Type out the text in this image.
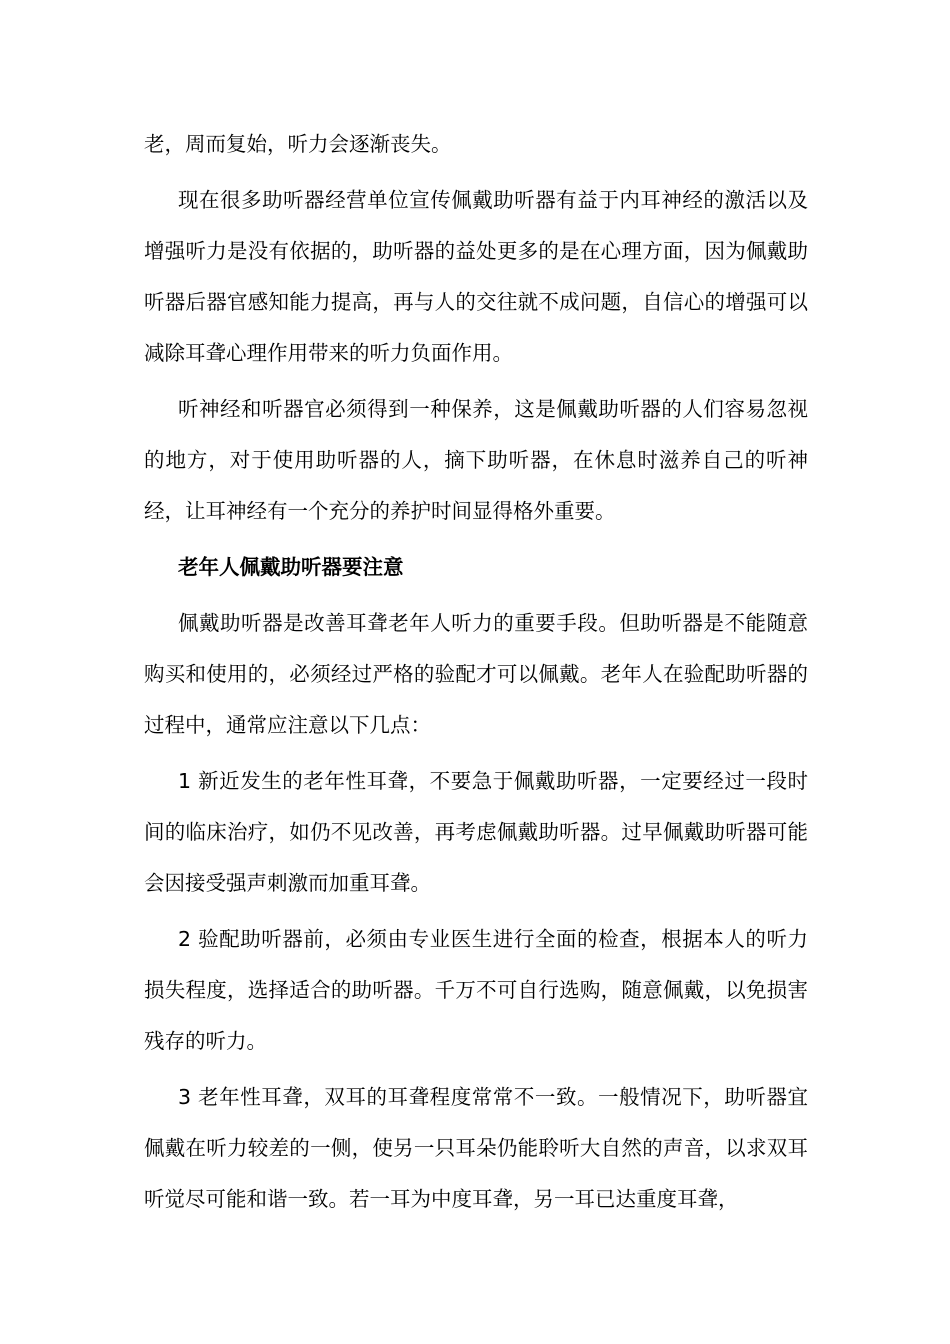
老，周而复始，听力会逐渐丧失。

现在很多助听器经营单位宣传佩戴助听器有益于内耳神经的激活以及增强听力是没有依据的，助听器的益处更多的是在心理方面，因为佩戴助听器后器官感知能力提高，再与人的交往就不成问题，自信心的增强可以减除耳聋心理作用带来的听力负面作用。

听神经和听器官必须得到一种保养，这是佩戴助听器的人们容易忽视的地方，对于使用助听器的人，摘下助听器，在休息时滋养自己的听神经，让耳神经有一个充分的养护时间显得格外重要。

老年人佩戴助听器要注意

佩戴助听器是改善耳聋老年人听力的重要手段。但助听器是不能随意购买和使用的，必须经过严格的验配才可以佩戴。老年人在验配助听器的过程中，通常应注意以下几点：

1 新近发生的老年性耳聋，不要急于佩戴助听器，一定要经过一段时间的临床治疗，如仍不见改善，再考虑佩戴助听器。过早佩戴助听器可能会因接受强声刺激而加重耳聋。

2 验配助听器前，必须由专业医生进行全面的检查，根据本人的听力损失程度，选择适合的助听器。千万不可自行选购，随意佩戴，以免损害残存的听力。

3 老年性耳聋，双耳的耳聋程度常常不一致。一般情况下，助听器宜佩戴在听力较差的一侧，使另一只耳朵仍能聆听大自然的声音，以求双耳听觉尽可能和谐一致。若一耳为中度耳聋，另一耳已达重度耳聋，
